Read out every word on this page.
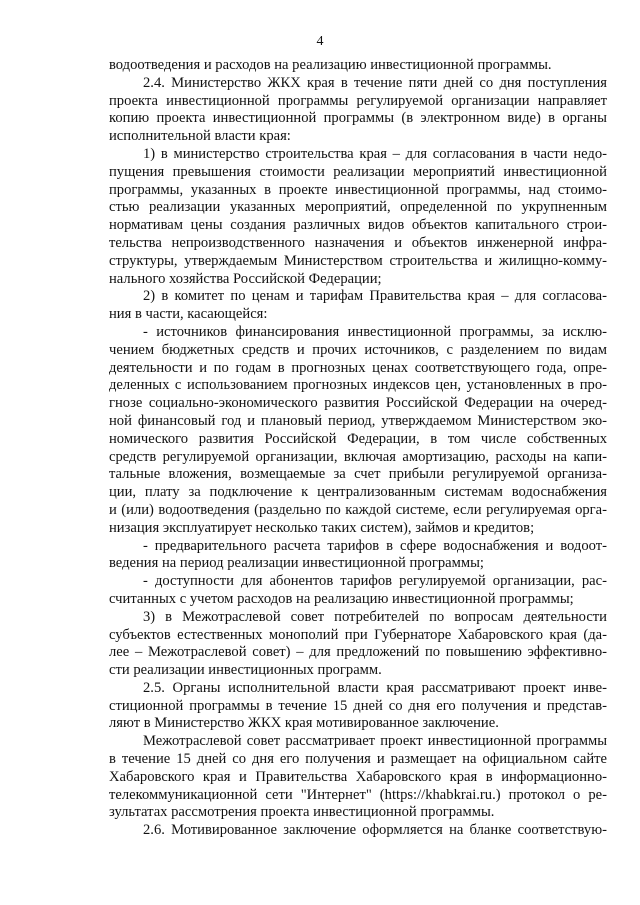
4
водоотведения и расходов на реализацию инвестиционной программы.
2.4. Министерство ЖКХ края в течение пяти дней со дня поступления
проекта инвестиционной программы регулируемой организации направляет
копию проекта инвестиционной программы (в электронном виде) в органы
исполнительной власти края:
1) в министерство строительства края – для согласования в части недо-
пущения превышения стоимости реализации мероприятий инвестиционной
программы, указанных в проекте инвестиционной программы, над стоимо-
стью реализации указанных мероприятий, определенной по укрупненным
нормативам цены создания различных видов объектов капитального строи-
тельства непроизводственного назначения и объектов инженерной инфра-
структуры, утверждаемым Министерством строительства и жилищно-комму-
нального хозяйства Российской Федерации;
2) в комитет по ценам и тарифам Правительства края – для согласова-
ния в части, касающейся:
- источников финансирования инвестиционной программы, за исклю-
чением бюджетных средств и прочих источников, с разделением по видам
деятельности и по годам в прогнозных ценах соответствующего года, опре-
деленных с использованием прогнозных индексов цен, установленных в про-
гнозе социально-экономического развития Российской Федерации на очеред-
ной финансовый год и плановый период, утверждаемом Министерством эко-
номического развития Российской Федерации, в том числе собственных
средств регулируемой организации, включая амортизацию, расходы на капи-
тальные вложения, возмещаемые за счет прибыли регулируемой организа-
ции, плату за подключение к централизованным системам водоснабжения
и (или) водоотведения (раздельно по каждой системе, если регулируемая орга-
низация эксплуатирует несколько таких систем), займов и кредитов;
- предварительного расчета тарифов в сфере водоснабжения и водоот-
ведения на период реализации инвестиционной программы;
- доступности для абонентов тарифов регулируемой организации, рас-
считанных с учетом расходов на реализацию инвестиционной программы;
3) в Межотраслевой совет потребителей по вопросам деятельности
субъектов естественных монополий при Губернаторе Хабаровского края (да-
лее – Межотраслевой совет) – для предложений по повышению эффективно-
сти реализации инвестиционных программ.
2.5. Органы исполнительной власти края рассматривают проект инве-
стиционной программы в течение 15 дней со дня его получения и представ-
ляют в Министерство ЖКХ края мотивированное заключение.
Межотраслевой совет рассматривает проект инвестиционной программы
в течение 15 дней со дня его получения и размещает на официальном сайте
Хабаровского края и Правительства Хабаровского края в информационно-
телекоммуникационной сети "Интернет" (https://khabkrai.ru.) протокол о ре-
зультатах рассмотрения проекта инвестиционной программы.
2.6. Мотивированное заключение оформляется на бланке соответствую-
